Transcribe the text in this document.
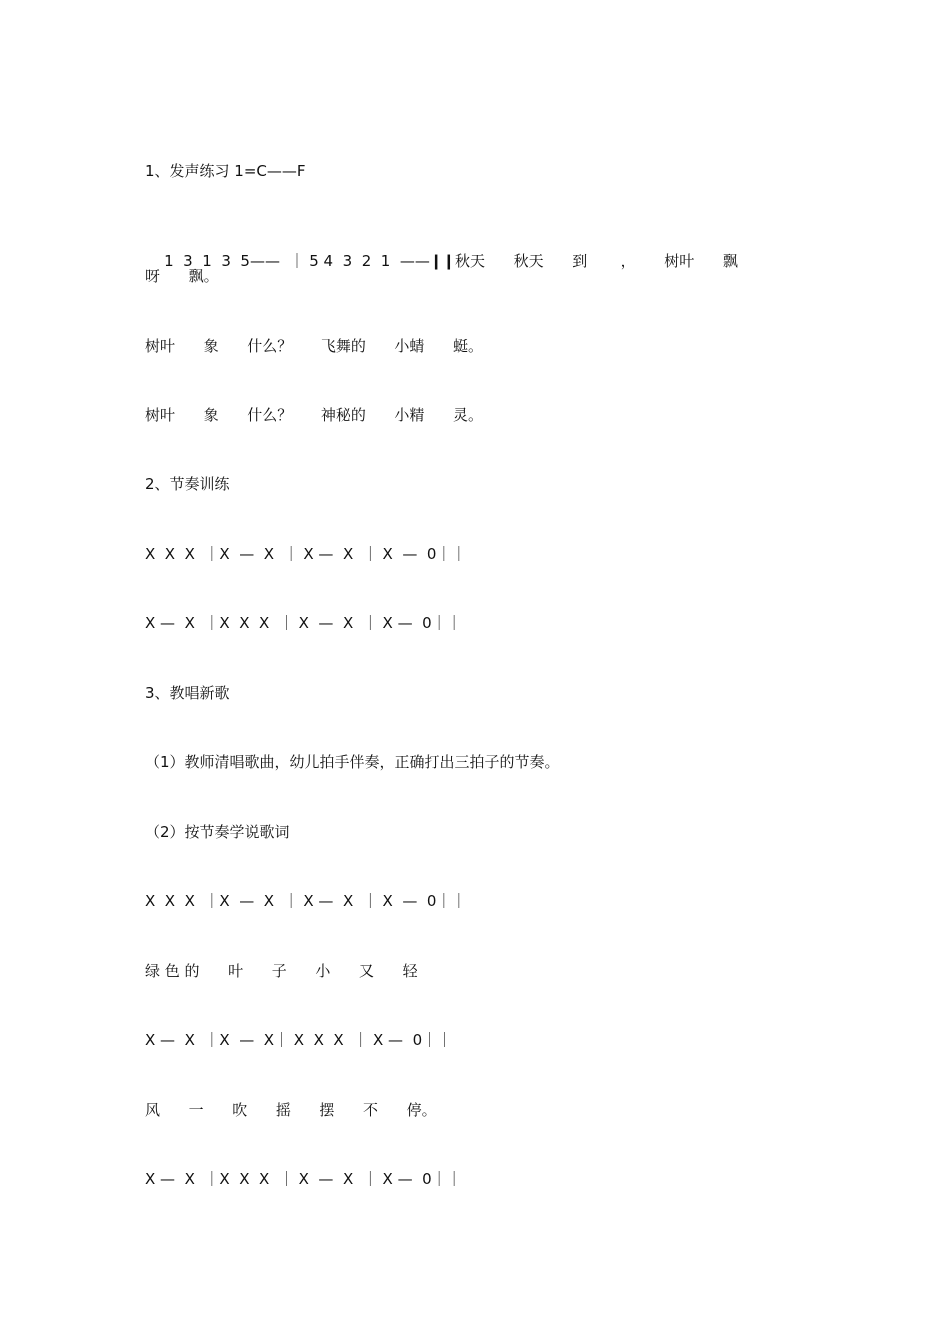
1、发声练习 1=C——F

1  3  1  3  5——  ｜ 5 4  3  2  1  ——❙❙秋天      秋天      到       ，      树叶      飘

呀      飘。
树叶      象      什么？      飞舞的      小蜻      蜓。
树叶      象      什么？      神秘的      小精      灵。
2、节奏训练
X  X  X  ｜X  —  X  ｜ X —  X  ｜ X  —  0｜｜
X —  X  ｜X  X  X  ｜ X  —  X  ｜ X —  0｜｜
3、教唱新歌
（1）教师清唱歌曲，幼儿拍手伴奏，正确打出三拍子的节奏。
（2）按节奏学说歌词
X  X  X  ｜X  —  X  ｜ X —  X  ｜ X  —  0｜｜
绿 色 的      叶      子      小      又      轻
X —  X  ｜X  —  X｜ X  X  X  ｜ X —  0｜｜
风      一      吹      摇      摆      不      停。
X —  X  ｜X  X  X  ｜ X  —  X  ｜ X —  0｜｜
